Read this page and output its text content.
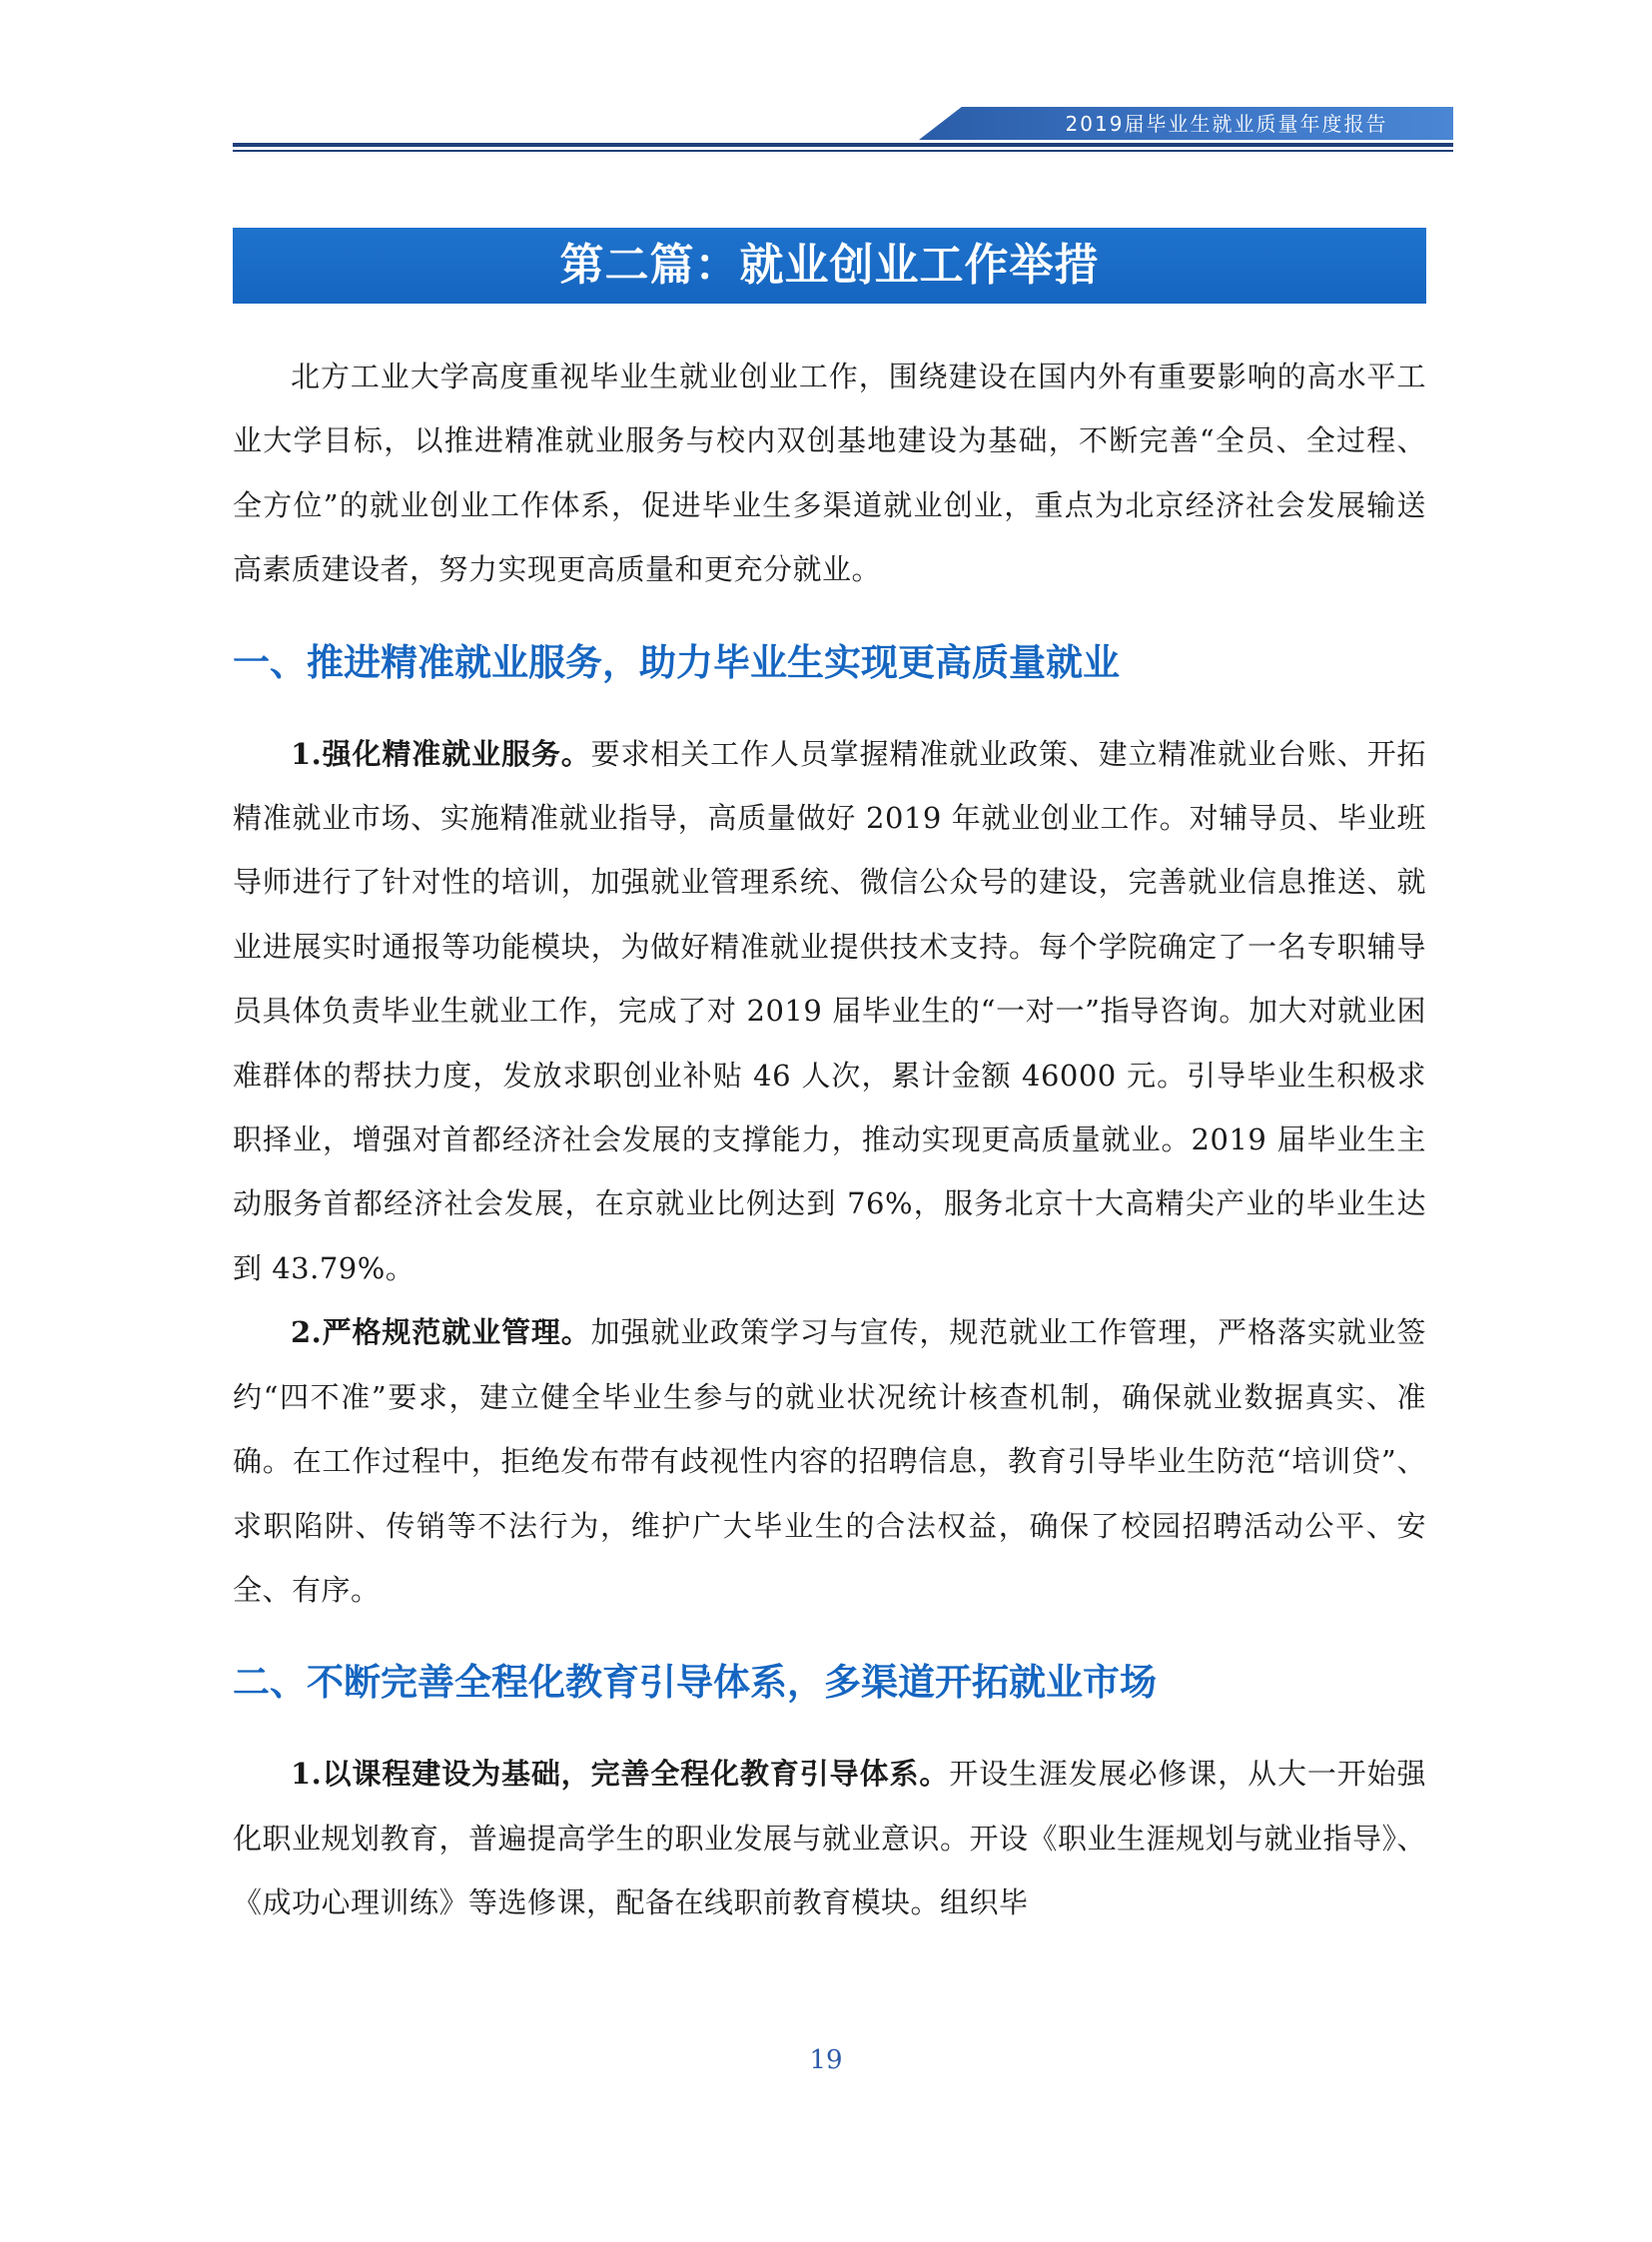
2019届毕业生就业质量年度报告
第二篇：就业创业工作举措

北方工业大学高度重视毕业生就业创业工作，围绕建设在国内外有重要影响的高水平工业大学目标，以推进精准就业服务与校内双创基地建设为基础，不断完善“全员、全过程、全方位”的就业创业工作体系，促进毕业生多渠道就业创业，重点为北京经济社会发展输送高素质建设者，努力实现更高质量和更充分就业。

一、推进精准就业服务，助力毕业生实现更高质量就业

1.强化精准就业服务。要求相关工作人员掌握精准就业政策、建立精准就业台账、开拓精准就业市场、实施精准就业指导，高质量做好 2019 年就业创业工作。对辅导员、毕业班导师进行了针对性的培训，加强就业管理系统、微信公众号的建设，完善就业信息推送、就业进展实时通报等功能模块，为做好精准就业提供技术支持。每个学院确定了一名专职辅导员具体负责毕业生就业工作，完成了对 2019 届毕业生的“一对一”指导咨询。加大对就业困难群体的帮扶力度，发放求职创业补贴 46 人次，累计金额 46000 元。引导毕业生积极求职择业，增强对首都经济社会发展的支撑能力，推动实现更高质量就业。2019 届毕业生主动服务首都经济社会发展，在京就业比例达到 76%，服务北京十大高精尖产业的毕业生达到 43.79%。

2.严格规范就业管理。加强就业政策学习与宣传，规范就业工作管理，严格落实就业签约“四不准”要求，建立健全毕业生参与的就业状况统计核查机制，确保就业数据真实、准确。在工作过程中，拒绝发布带有歧视性内容的招聘信息，教育引导毕业生防范“培训贷”、求职陷阱、传销等不法行为，维护广大毕业生的合法权益，确保了校园招聘活动公平、安全、有序。

二、不断完善全程化教育引导体系，多渠道开拓就业市场

1.以课程建设为基础，完善全程化教育引导体系。开设生涯发展必修课，从大一开始强化职业规划教育，普遍提高学生的职业发展与就业意识。开设《职业生涯规划与就业指导》、《成功心理训练》等选修课，配备在线职前教育模块。组织毕

19
